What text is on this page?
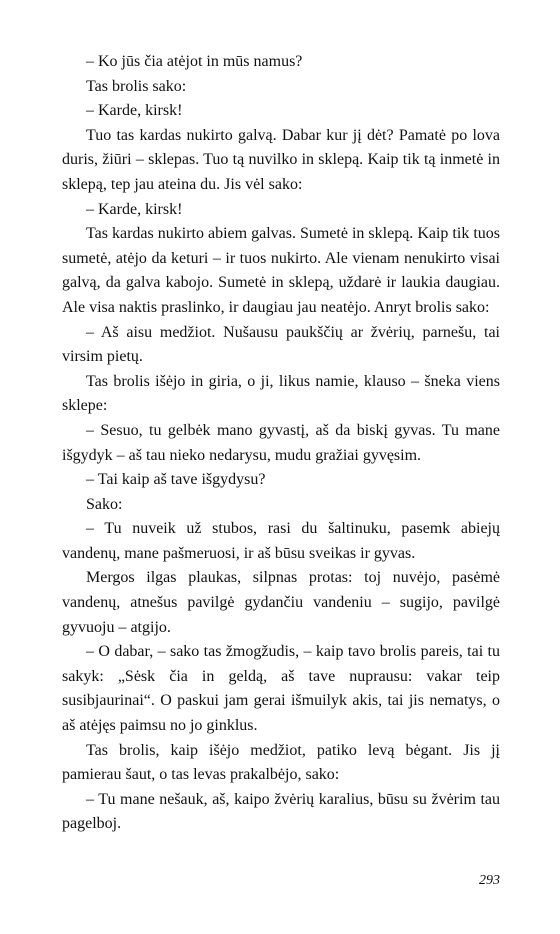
– Ko jūs čia atėjot in mūs namus?

Tas brolis sako:

– Karde, kirsk!

Tuo tas kardas nukirto galvą. Dabar kur jį dėt? Pamatė po lova duris, žiūri – sklepas. Tuo tą nuvilko in sklepą. Kaip tik tą inmetė in sklepą, tep jau ateina du. Jis vėl sako:

– Karde, kirsk!

Tas kardas nukirto abiem galvas. Sumetė in sklepą. Kaip tik tuos sumetė, atėjo da keturi – ir tuos nukirto. Ale vienam nenukirto visai galvą, da galva kabojo. Sumetė in sklepą, uždarė ir laukia daugiau. Ale visa naktis praslinko, ir daugiau jau neatėjo. Anryt brolis sako:

– Aš aisu medžiot. Nušausu paukščių ar žvėrių, parnešu, tai virsim pietų.

Tas brolis išėjo in giria, o ji, likus namie, klauso – šneka viens sklepe:

– Sesuo, tu gelbėk mano gyvastį, aš da biskį gyvas. Tu mane išgydyk – aš tau nieko nedarysu, mudu gražiai gyvęsim.

– Tai kaip aš tave išgydysu?

Sako:

– Tu nuveik už stubos, rasi du šaltinuku, pasemk abiejų vandenų, mane pašmeruosi, ir aš būsu sveikas ir gyvas.

Mergos ilgas plaukas, silpnas protas: toj nuvėjo, pasėmė vandenų, atnešus pavilgė gydančiu vandeniu – sugijo, pavilgė gyvuoju – atgijo.

– O dabar, – sako tas žmogžudis, – kaip tavo brolis pareis, tai tu sakyk: „Sėsk čia in geldą, aš tave nuprausu: vakar teip susibjaurinai“. O paskui jam gerai išmuilyk akis, tai jis nematys, o aš atėjęs paimsu no jo ginklus.

Tas brolis, kaip išėjo medžiot, patiko levą bėgant. Jis jį pamierau šaut, o tas levas prakalbėjo, sako:

– Tu mane nešauk, aš, kaipo žvėrių karalius, būsu su žvėrim tau pagelboj.

293
